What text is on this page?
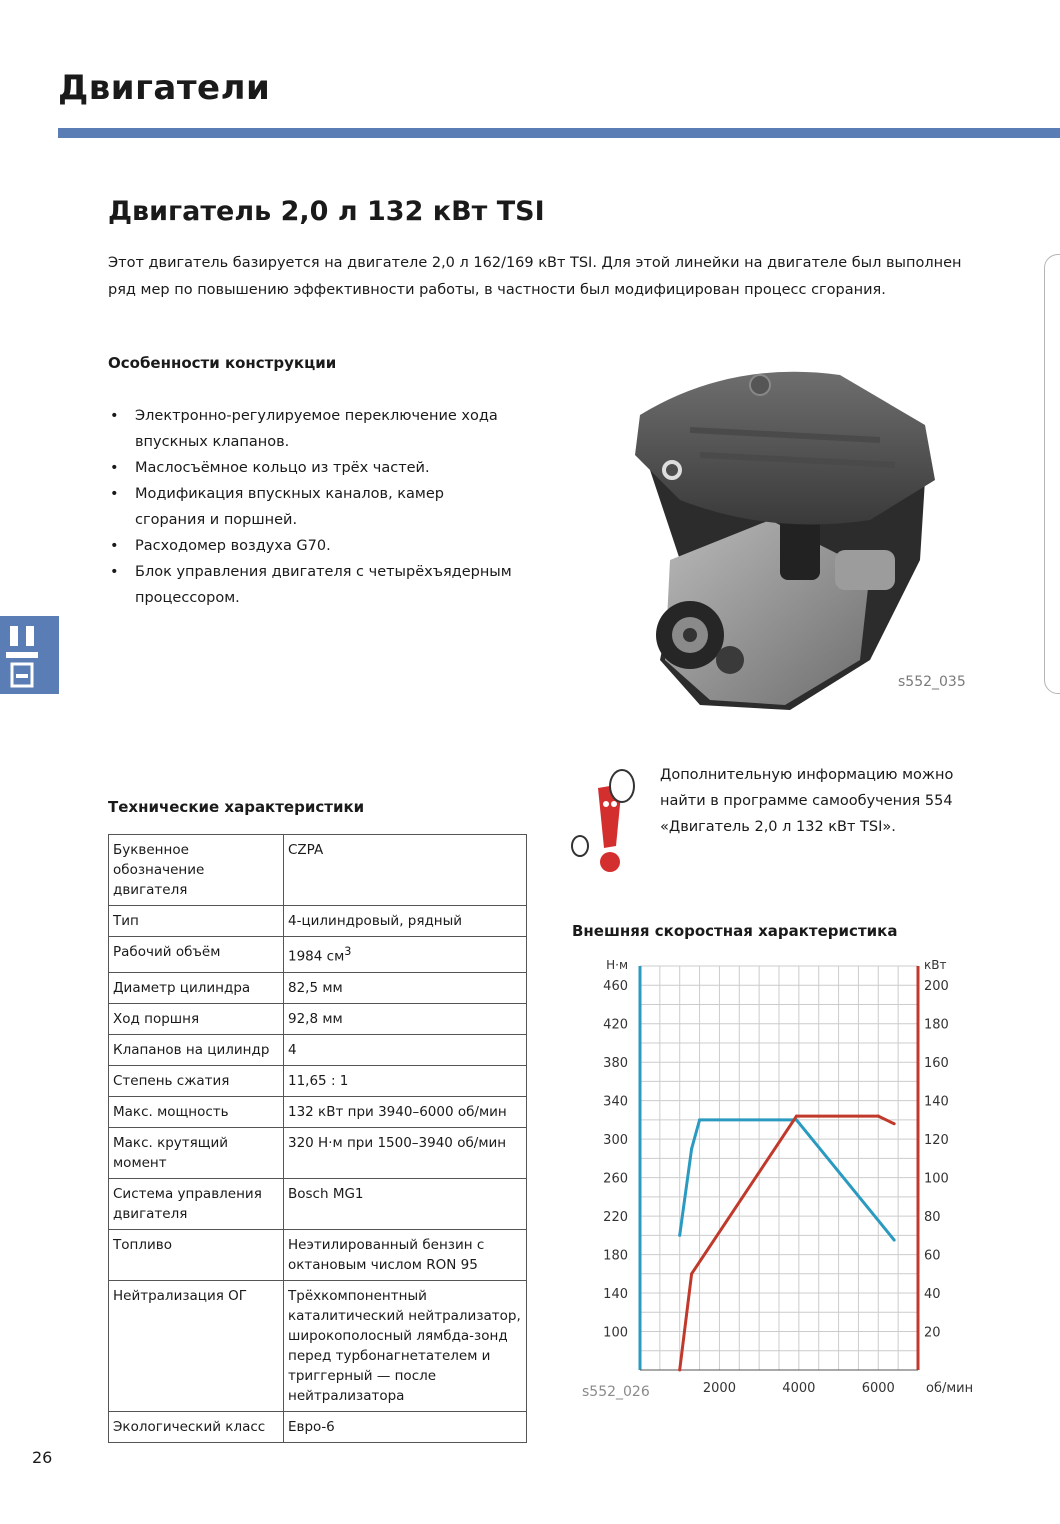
Двигатели
Двигатель 2,0 л 132 кВт TSI
Этот двигатель базируется на двигателе 2,0 л 162/169 кВт TSI. Для этой линейки на двигателе был выполнен ряд мер по повышению эффективности работы, в частности был модифицирован процесс сгорания.
Особенности конструкции
• Электронно-регулируемое переключение хода впускных клапанов.
• Маслосъёмное кольцо из трёх частей.
• Модификация впускных каналов, камер сгорания и поршней.
• Расходомер воздуха G70.
• Блок управления двигателя с четырёхъядерным процессором.
s552_035
Дополнительную информацию можно найти в программе самообучения 554 «Двигатель 2,0 л 132 кВт TSI».
Технические характеристики
Буквенное обозначение двигателя	CZPA
Тип	4-цилиндровый, рядный
Рабочий объём	1984 $см^3$
Диаметр цилиндра	82,5 мм
Ход поршня	92,8 мм
Клапанов на цилиндр	4
Степень сжатия	11,65 : 1
Макс. мощность	132 кВт при 3940–6000 об/мин
Макс. крутящий момент	320 Н·м при 1500–3940 об/мин
Система управления двигателя	Bosch MG1
Топливо	Неэтилированный бензин с октановым числом RON 95
Нейтрализация ОГ	Трёхкомпонентный каталитический нейтрализатор, широкополосный лямбда-зонд перед турбонагнетателем и триггерный — после нейтрализатора
Экологический класс	Евро-6
Внешняя скоростная характеристика
100
140
180
220
260
300
340
380
420
460
20
40
60
80
100
120
140
160
180
200
2000	4000	6000
Н·м	кВт
об/мин
s552_026
26
